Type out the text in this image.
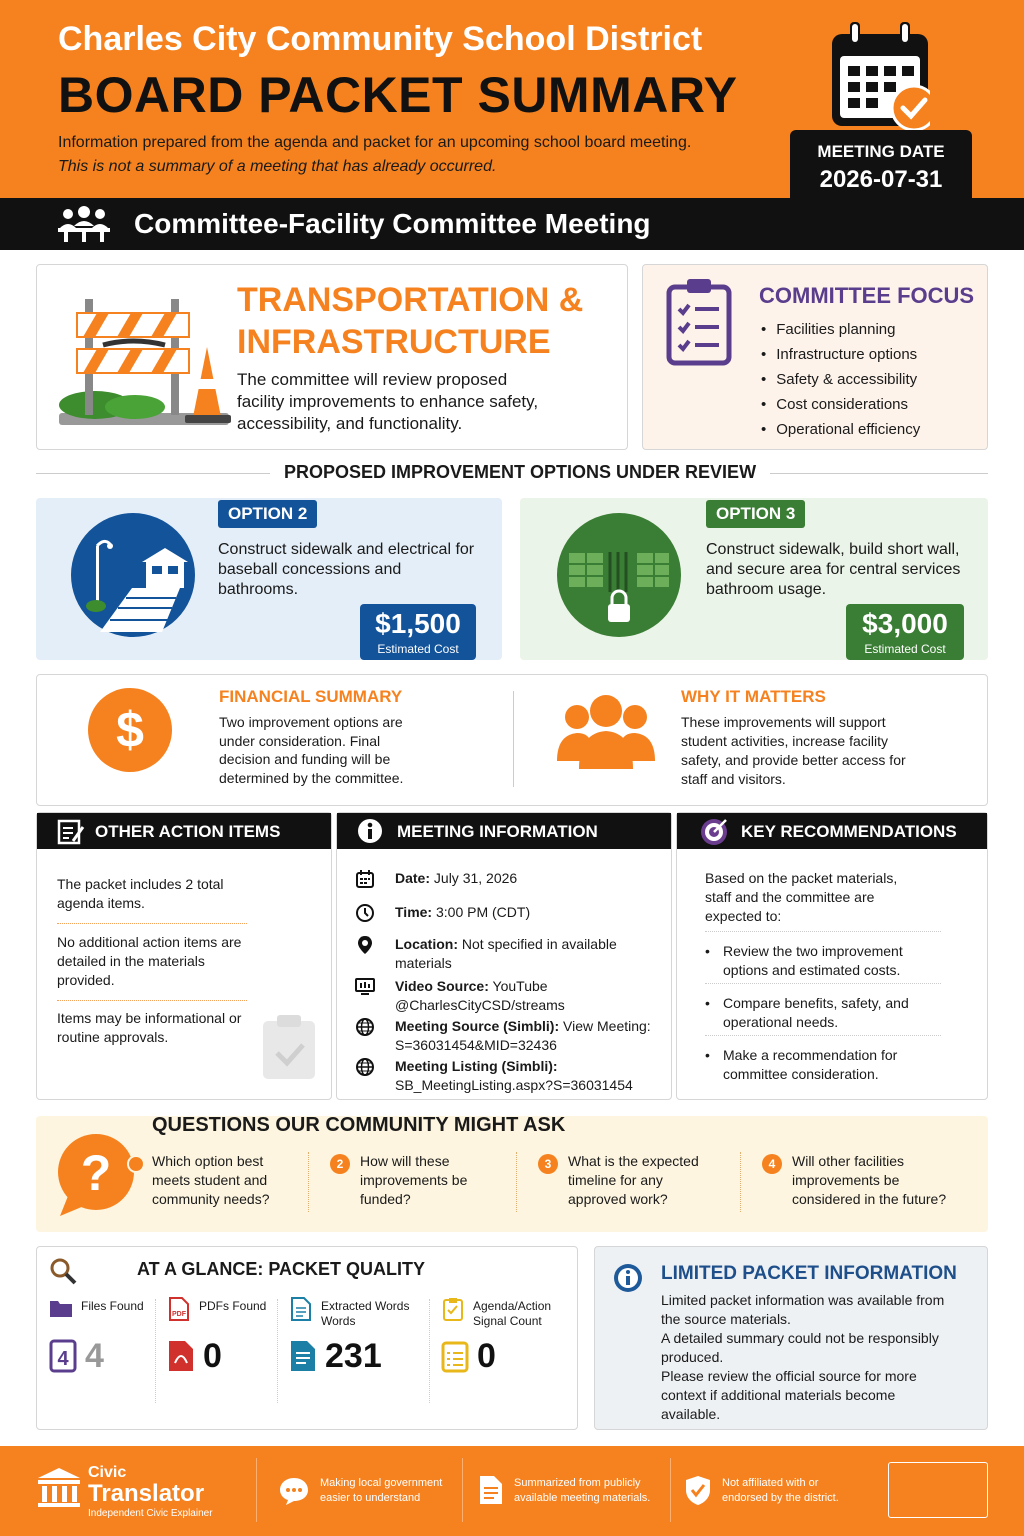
Charles City Community School District
BOARD PACKET SUMMARY
Information prepared from the agenda and packet for an upcoming school board meeting.
This is not a summary of a meeting that has already occurred.
MEETING DATE
2026-07-31
Committee-Facility Committee Meeting
TRANSPORTATION &
INFRASTRUCTURE
The committee will review proposed facility improvements to enhance safety, accessibility, and functionality.
COMMITTEE FOCUS
• Facilities planning
• Infrastructure options
• Safety & accessibility
• Cost considerations
• Operational efficiency
PROPOSED IMPROVEMENT OPTIONS UNDER REVIEW
OPTION 2
Construct sidewalk and electrical for baseball concessions and bathrooms.
$1,500
Estimated Cost
OPTION 3
Construct sidewalk, build short wall, and secure area for central services bathroom usage.
$3,000
Estimated Cost
$
FINANCIAL SUMMARY
Two improvement options are under consideration. Final decision and funding will be determined by the committee.
WHY IT MATTERS
These improvements will support student activities, increase facility safety, and provide better access for staff and visitors.
OTHER ACTION ITEMS
The packet includes 2 total agenda items.
No additional action items are detailed in the materials provided.
Items may be informational or routine approvals.
MEETING INFORMATION
Date: July 31, 2026
Time: 3:00 PM (CDT)
Location: Not specified in available materials
Video Source: YouTube @CharlesCityCSD/streams
Meeting Source (Simbli): View Meeting: S=36031454&MID=32436
Meeting Listing (Simbli): SB_MeetingListing.aspx?S=36031454
KEY RECOMMENDATIONS
Based on the packet materials, staff and the committee are expected to:
• Review the two improvement options and estimated costs.
• Compare benefits, safety, and operational needs.
• Make a recommendation for committee consideration.
?
QUESTIONS OUR COMMUNITY MIGHT ASK
Which option best meets student and community needs?
2	How will these improvements be funded?
3	What is the expected timeline for any approved work?
4	Will other facilities improvements be considered in the future?
AT A GLANCE: PACKET QUALITY
Files Found
4 4
PDF
PDFs Found
0
Extracted Words Words
231
Agenda/Action Signal Count
0
LIMITED PACKET INFORMATION
Limited packet information was available from the source materials.
A detailed summary could not be responsibly produced.
Please review the official source for more context if additional materials become available.
Civic
Translator
Independent Civic Explainer
Making local government easier to understand
Summarized from publicly available meeting materials.
Not affiliated with or endorsed by the district.
